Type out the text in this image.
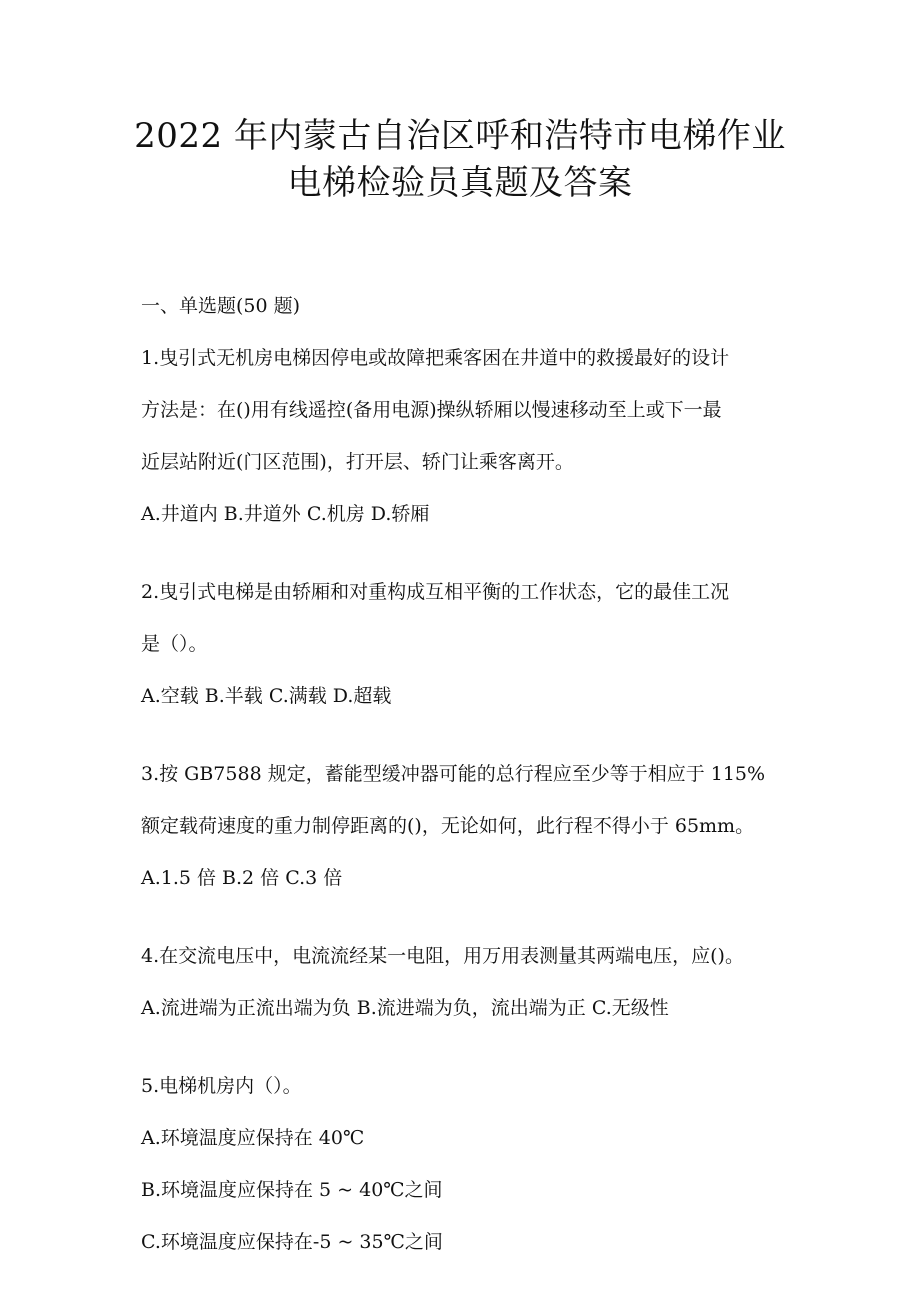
2022 年内蒙古自治区呼和浩特市电梯作业
电梯检验员真题及答案
一、单选题(50 题)
1.曳引式无机房电梯因停电或故障把乘客困在井道中的救援最好的设计
方法是：在()用有线遥控(备用电源)操纵轿厢以慢速移动至上或下一最
近层站附近(门区范围)，打开层、轿门让乘客离开。
A.井道内 B.井道外 C.机房 D.轿厢
2.曳引式电梯是由轿厢和对重构成互相平衡的工作状态，它的最佳工况
是（）。
A.空载 B.半载 C.满载 D.超载
3.按 GB7588 规定，蓄能型缓冲器可能的总行程应至少等于相应于 115%
额定载荷速度的重力制停距离的()，无论如何，此行程不得小于 65mm。
A.1.5 倍 B.2 倍 C.3 倍
4.在交流电压中，电流流经某一电阻，用万用表测量其两端电压，应()。
A.流进端为正流出端为负 B.流进端为负，流出端为正 C.无级性
5.电梯机房内（）。
A.环境温度应保持在 40℃
B.环境温度应保持在 5 ~ 40℃之间
C.环境温度应保持在-5 ~ 35℃之间
